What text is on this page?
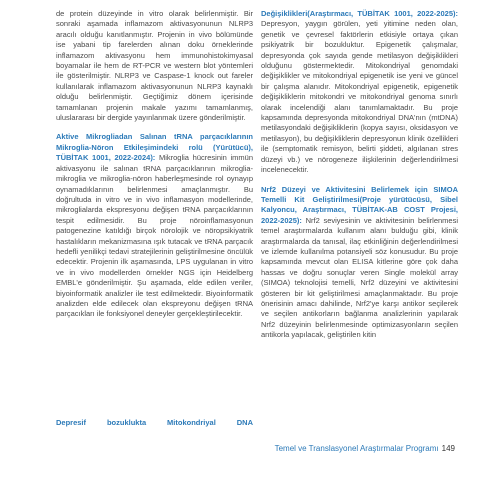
de protein düzeyinde in vitro olarak belirlenmiştir. Bir sonraki aşamada inflamazom aktivasyonunun NLRP3 aracılı olduğu kanıtlanmıştır. Projenin in vivo bölümünde ise yabani tip farelerden alınan doku örneklerinde inflamazom aktivasyonu hem immunohistokimyasal boyamalar ile hem de RT-PCR ve western blot yöntemleri ile gösterilmiştir. NLRP3 ve Caspase-1 knock out fareler kullanılarak inflamazom aktivasyonunun NLRP3 kaynaklı olduğu belirlenmiştir. Geçtiğimiz dönem içerisinde tamamlanan projenin makale yazımı tamamlanmış, uluslararası bir dergide yayınlanmak üzere gönderilmiştir.

Aktive Mikrogliadan Salınan tRNA parçacıklarının Mikroglia-Nöron Etkileşimindeki rolü (Yürütücü), TÜBİTAK 1001, 2022-2024): Mikroglia hücresinin immün aktivasyonu ile salınan tRNA parçacıklarının mikroglia-mikroglia ve mikroglia-nöron haberleşmesinde rol oynayıp oynamadıklarının belirlenmesi amaçlanmıştır. Bu doğrultuda in vitro ve in vivo inflamasyon modellerinde, mikroglialarda ekspresyonu değişen tRNA parçacıklarının tespit edilmesidir. Bu proje nöroinflamasyonun patogenezine katıldığı birçok nörolojik ve nöropsikiyatrik hastalıkların mekanizmasına ışık tutacak ve tRNA parçacık hedefli yenilikçi tedavi stratejilerinin geliştirilmesine öncülük edecektir. Projenin ilk aşamasında, LPS uygulanan in vitro ve in vivo modellerden örnekler NGS için Heidelberg EMBL'e gönderilmiştir. Şu aşamada, elde edilen veriler, biyoinformatik analizler ile test edilmektedir. Biyoinformatik analizden elde edilecek olan ekspreyonu değişen tRNA parçacıkları ile fonksiyonel deneyler gerçekleştirilecektir.

Depresif bozuklukta Mitokondriyal DNA

Değişiklikleri(Araştırmacı, TÜBİTAK 1001, 2022-2025): Depresyon, yaygın görülen, yeti yitimine neden olan, genetik ve çevresel faktörlerin etkisiyle ortaya çıkan psikiyatrik bir bozukluktur. Epigenetik çalışmalar, depresyonda çok sayıda gende metilasyon değişiklikleri olduğunu göstermektedir. Mitokondriyal genomdaki değişiklikler ve mitokondriyal epigenetik ise yeni ve güncel bir çalışma alanıdır. Mitokondriyal epigenetik, epigenetik değişikliklerin mitokondri ve mitokondriyal genoma sınırlı olarak incelendiği alanı tanımlamaktadır. Bu proje kapsamında depresyonda mitokondriyal DNA'nın (mtDNA) metilasyondaki değişikliklerin (kopya sayısı, oksidasyon ve metilasyon), bu değişikliklerin depresyonun klinik özellikleri ile (semptomatik remisyon, belirti şiddeti, algılanan stres düzeyi vb.) ve nörogeneze ilişkilerinin değerlendirilmesi incelenecektir.

Nrf2 Düzeyi ve Aktivitesini Belirlemek için SIMOA Temelli Kit Geliştirilmesi(Proje yürütücüsü, Sibel Kalyoncu, Araştırmacı, TÜBİTAK-AB COST Projesi, 2022-2025): Nrf2 seviyesinin ve aktivitesinin belirlenmesi temel araştırmalarda kullanım alanı bulduğu gibi, klinik araştırmalarda da tanısal, ilaç etkinliğinin değerlendirilmesi ve izlemde kullanılma potansiyeli söz konusudur. Bu proje kapsamında mevcut olan ELISA kitlerine göre çok daha hassas ve doğru sonuçlar veren Single molekül array (SIMOA) teknolojisi temelli, Nrf2 düzeyini ve aktivitesini gösteren bir kit geliştirilmesi amaçlanmaktadır. Bu proje önerisinin amacı dahilinde, Nrf2'ye karşı antikor seçilerek ve seçilen antikorların bağlanma analizlerinin yapılarak Nrf2 düzeyinin belirlenmesinde optimizasyonların seçilen antikorla yapılacak, geliştirilen kitin

Temel ve Translasyonel Araştırmalar Programı 149
